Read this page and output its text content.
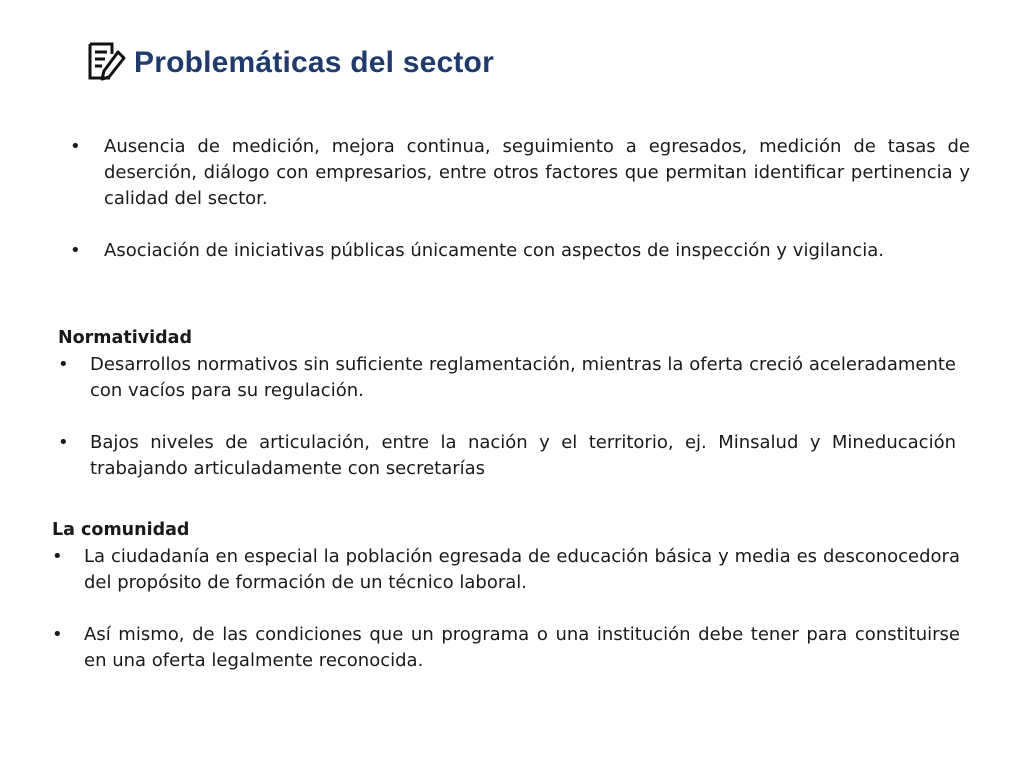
Problemáticas del sector
• Ausencia de medición, mejora continua, seguimiento a egresados, medición de tasas de deserción, diálogo con empresarios, entre otros factores que permitan identificar pertinencia y calidad del sector.
• Asociación de iniciativas públicas únicamente con aspectos de inspección y vigilancia.
Normatividad
• Desarrollos normativos sin suficiente reglamentación, mientras la oferta creció aceleradamente con vacíos para su regulación.
• Bajos niveles de articulación, entre la nación y el territorio, ej. Minsalud y Mineducación trabajando articuladamente con secretarías
La comunidad
• La ciudadanía en especial la población egresada de educación básica y media es desconocedora del propósito de formación de un técnico laboral.
• Así mismo, de las condiciones que un programa o una institución debe tener para constituirse en una oferta legalmente reconocida.
